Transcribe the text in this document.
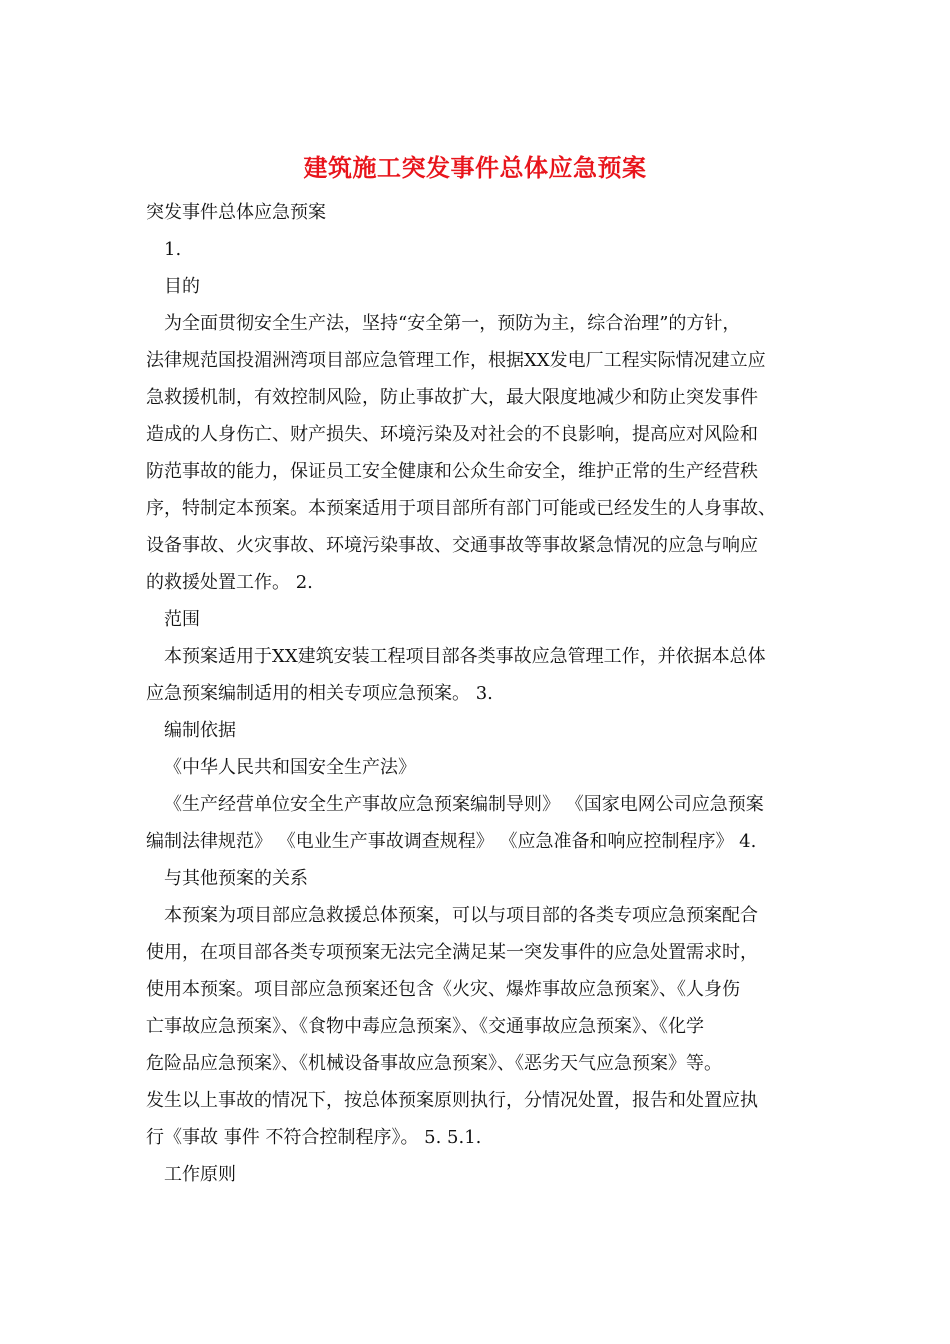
建筑施工突发事件总体应急预案
突发事件总体应急预案
1.
目的
为全面贯彻安全生产法，坚持“安全第一，预防为主，综合治理”的方针，
法律规范国投湄洲湾项目部应急管理工作，根据XX发电厂工程实际情况建立应
急救援机制，有效控制风险，防止事故扩大，最大限度地减少和防止突发事件
造成的人身伤亡、财产损失、环境污染及对社会的不良影响，提高应对风险和
防范事故的能力，保证员工安全健康和公众生命安全，维护正常的生产经营秩
序，特制定本预案。本预案适用于项目部所有部门可能或已经发生的人身事故、
设备事故、火灾事故、环境污染事故、交通事故等事故紧急情况的应急与响应
的救援处置工作。 2.
范围
本预案适用于XX建筑安装工程项目部各类事故应急管理工作，并依据本总体
应急预案编制适用的相关专项应急预案。 3.
编制依据
《中华人民共和国安全生产法》
《生产经营单位安全生产事故应急预案编制导则》 《国家电网公司应急预案
编制法律规范》 《电业生产事故调查规程》 《应急准备和响应控制程序》 4.
与其他预案的关系
本预案为项目部应急救援总体预案，可以与项目部的各类专项应急预案配合
使用，在项目部各类专项预案无法完全满足某一突发事件的应急处置需求时，
使用本预案。项目部应急预案还包含《火灾、爆炸事故应急预案》、《人身伤
亡事故应急预案》、《食物中毒应急预案》、《交通事故应急预案》、《化学
危险品应急预案》、《机械设备事故应急预案》、《恶劣天气应急预案》等。
发生以上事故的情况下，按总体预案原则执行，分情况处置，报告和处置应执
行《事故 事件 不符合控制程序》。 5. 5.1.
工作原则
